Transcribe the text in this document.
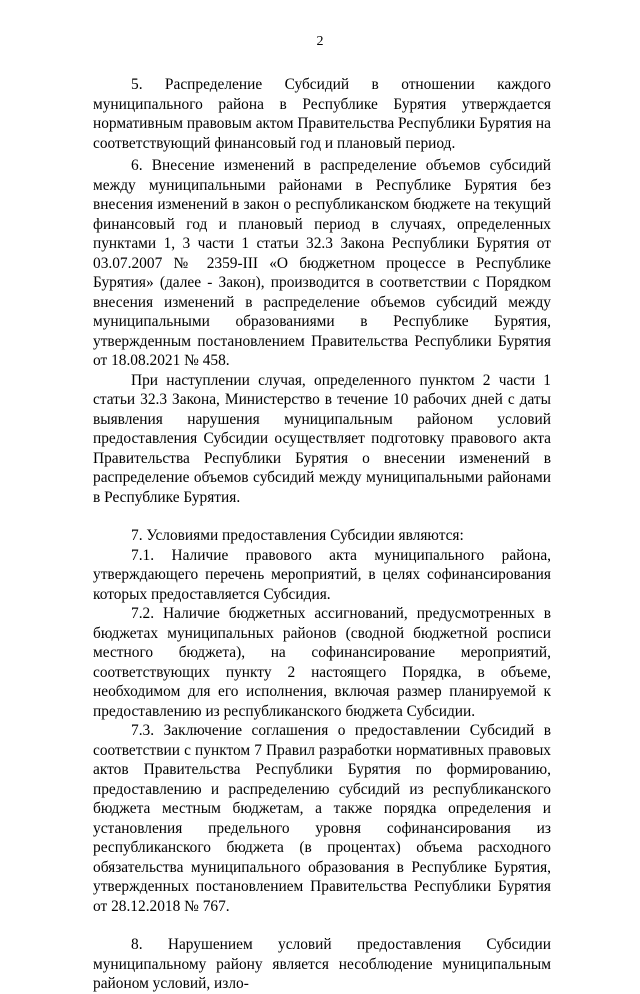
2

5. Распределение Субсидий в отношении каждого муниципального района в Республике Бурятия утверждается нормативным правовым актом Правительства Республики Бурятия на соответствующий финансовый год и плановый период.

6. Внесение изменений в распределение объемов субсидий между муниципальными районами в Республике Бурятия без внесения изменений в закон о республиканском бюджете на текущий финансовый год и плановый период в случаях, определенных пунктами 1, 3 части 1 статьи 32.3 Закона Республики Бурятия от 03.07.2007 № 2359-III «О бюджетном процессе в Республике Бурятия» (далее - Закон), производится в соответствии с Порядком внесения изменений в распределение объемов субсидий между муниципальными образованиями в Республике Бурятия, утвержденным постановлением Правительства Республики Бурятия от 18.08.2021 № 458.

При наступлении случая, определенного пунктом 2 части 1 статьи 32.3 Закона, Министерство в течение 10 рабочих дней с даты выявления нарушения муниципальным районом условий предоставления Субсидии осуществляет подготовку правового акта Правительства Республики Бурятия о внесении изменений в распределение объемов субсидий между муниципальными районами в Республике Бурятия.

7. Условиями предоставления Субсидии являются:

7.1. Наличие правового акта муниципального района, утверждающего перечень мероприятий, в целях софинансирования которых предоставляется Субсидия.

7.2. Наличие бюджетных ассигнований, предусмотренных в бюджетах муниципальных районов (сводной бюджетной росписи местного бюджета), на софинансирование мероприятий, соответствующих пункту 2 настоящего Порядка, в объеме, необходимом для его исполнения, включая размер планируемой к предоставлению из республиканского бюджета Субсидии.

7.3. Заключение соглашения о предоставлении Субсидий в соответствии с пунктом 7 Правил разработки нормативных правовых актов Правительства Республики Бурятия по формированию, предоставлению и распределению субсидий из республиканского бюджета местным бюджетам, а также порядка определения и установления предельного уровня софинансирования из республиканского бюджета (в процентах) объема расходного обязательства муниципального образования в Республике Бурятия, утвержденных постановлением Правительства Республики Бурятия от 28.12.2018 № 767.

8. Нарушением условий предоставления Субсидии муниципальному району является несоблюдение муниципальным районом условий, изло-
